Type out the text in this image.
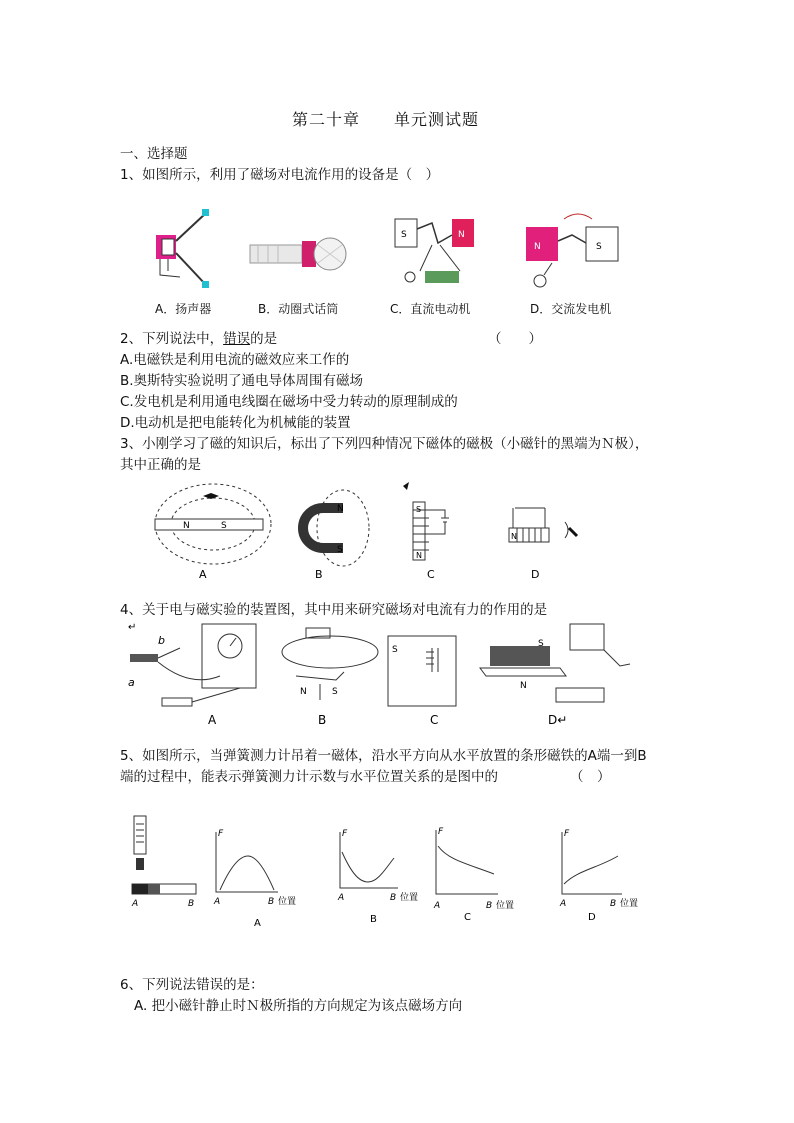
第二十章 单元测试题
一、选择题
1、如图所示，利用了磁场对电流作用的设备是（　）
S	N
S
N
A．扬声器	B．动圈式话筒	C．直流电动机	D．交流发电机
2、下列说法中，错误的是	（　　）
A.电磁铁是利用电流的磁效应来工作的
B.奥斯特实验说明了通电导体周围有磁场
C.发电机是利用通电线圈在磁场中受力转动的原理制成的
D.电动机是把电能转化为机械能的装置
3、小刚学习了磁的知识后，标出了下列四种情况下磁体的磁极（小磁针的黑端为Ｎ极），
其中正确的是
N	S
N
S
S
N
N
A	B	C	D
4、关于电与磁实验的装置图，其中用来研究磁场对电流有力的作用的是
↵
b
a
N	S
S
N
S
A	B	C	D↵
5、如图所示，当弹簧测力计吊着一磁体，沿水平方向从水平放置的条形磁铁的A端一到B
端的过程中，能表示弹簧测力计示数与水平位置关系的是图中的	（　）
A	B
F
A	B 位置
F
A	B 位置
F
A	B 位置
F
A	B 位置
A	B	C	D
6、下列说法错误的是：
A. 把小磁针静止时Ｎ极所指的方向规定为该点磁场方向
